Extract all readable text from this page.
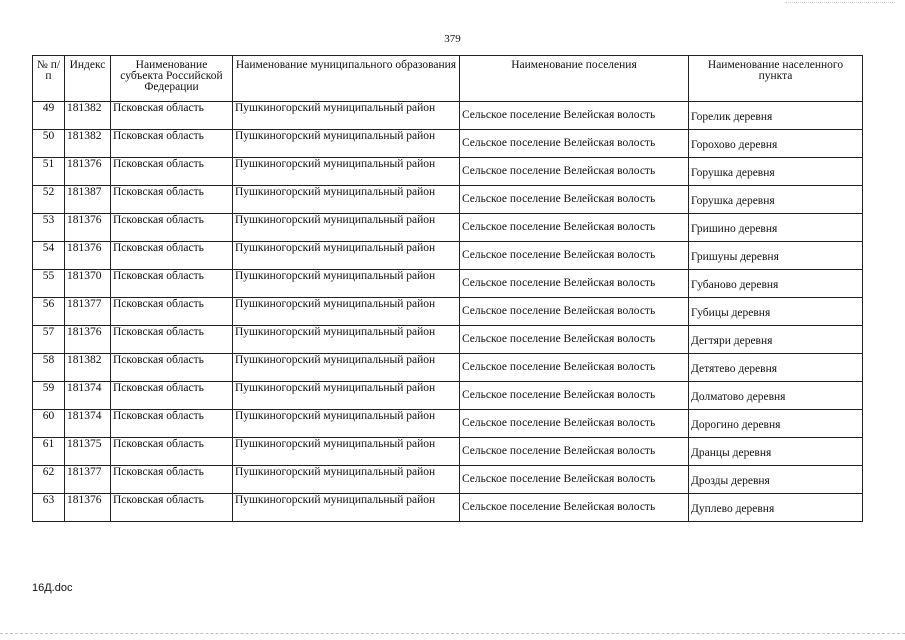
379
№ п/п	Индекс	Наименование субъекта Российской Федерации	Наименование муниципального образования	Наименование поселения	Наименование населенного пункта
49	181382	Псковская область	Пушкиногорский муниципальный район	Сельское поселение Велейская волость	Горелик деревня
50	181382	Псковская область	Пушкиногорский муниципальный район	Сельское поселение Велейская волость	Горохово деревня
51	181376	Псковская область	Пушкиногорский муниципальный район	Сельское поселение Велейская волость	Горушка деревня
52	181387	Псковская область	Пушкиногорский муниципальный район	Сельское поселение Велейская волость	Горушка деревня
53	181376	Псковская область	Пушкиногорский муниципальный район	Сельское поселение Велейская волость	Гришино деревня
54	181376	Псковская область	Пушкиногорский муниципальный район	Сельское поселение Велейская волость	Гришуны деревня
55	181370	Псковская область	Пушкиногорский муниципальный район	Сельское поселение Велейская волость	Губаново деревня
56	181377	Псковская область	Пушкиногорский муниципальный район	Сельское поселение Велейская волость	Губицы деревня
57	181376	Псковская область	Пушкиногорский муниципальный район	Сельское поселение Велейская волость	Дегтяри деревня
58	181382	Псковская область	Пушкиногорский муниципальный район	Сельское поселение Велейская волость	Детятево деревня
59	181374	Псковская область	Пушкиногорский муниципальный район	Сельское поселение Велейская волость	Долматово деревня
60	181374	Псковская область	Пушкиногорский муниципальный район	Сельское поселение Велейская волость	Дорогино деревня
61	181375	Псковская область	Пушкиногорский муниципальный район	Сельское поселение Велейская волость	Дранцы деревня
62	181377	Псковская область	Пушкиногорский муниципальный район	Сельское поселение Велейская волость	Дрозды деревня
63	181376	Псковская область	Пушкиногорский муниципальный район	Сельское поселение Велейская волость	Дуплево деревня
16Д.doc
